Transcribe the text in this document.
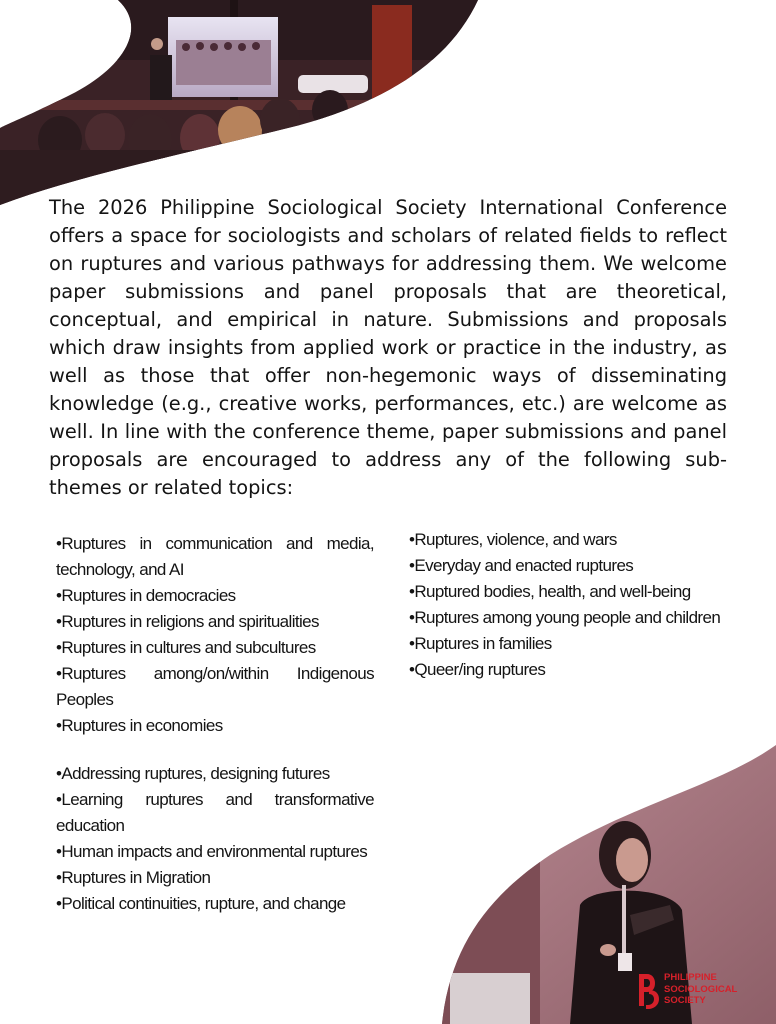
The 2026 Philippine Sociological Society International Conference offers a space for sociologists and scholars of related fields to reflect on ruptures and various pathways for addressing them. We welcome paper submissions and panel proposals that are theoretical, conceptual, and empirical in nature. Submissions and proposals which draw insights from applied work or practice in the industry, as well as those that offer non-hegemonic ways of disseminating knowledge (e.g., creative works, performances, etc.) are welcome as well. In line with the conference theme, paper submissions and panel proposals are encouraged to address any of the following sub-themes or related topics:

•Ruptures in communication and media, technology, and AI
•Ruptures in democracies
•Ruptures in religions and spiritualities
•Ruptures in cultures and subcultures
•Ruptures among/on/within Indigenous Peoples
•Ruptures in economies
•Addressing ruptures, designing futures
•Learning ruptures and transformative education
•Human impacts and environmental ruptures
•Ruptures in Migration
•Political continuities, rupture, and change
•Ruptures, violence, and wars
•Everyday and enacted ruptures
•Ruptured bodies, health, and well-being
•Ruptures among young people and children
•Ruptures in families
•Queer/ing ruptures
PHILIPPINE
SOCIOLOGICAL
SOCIETY
